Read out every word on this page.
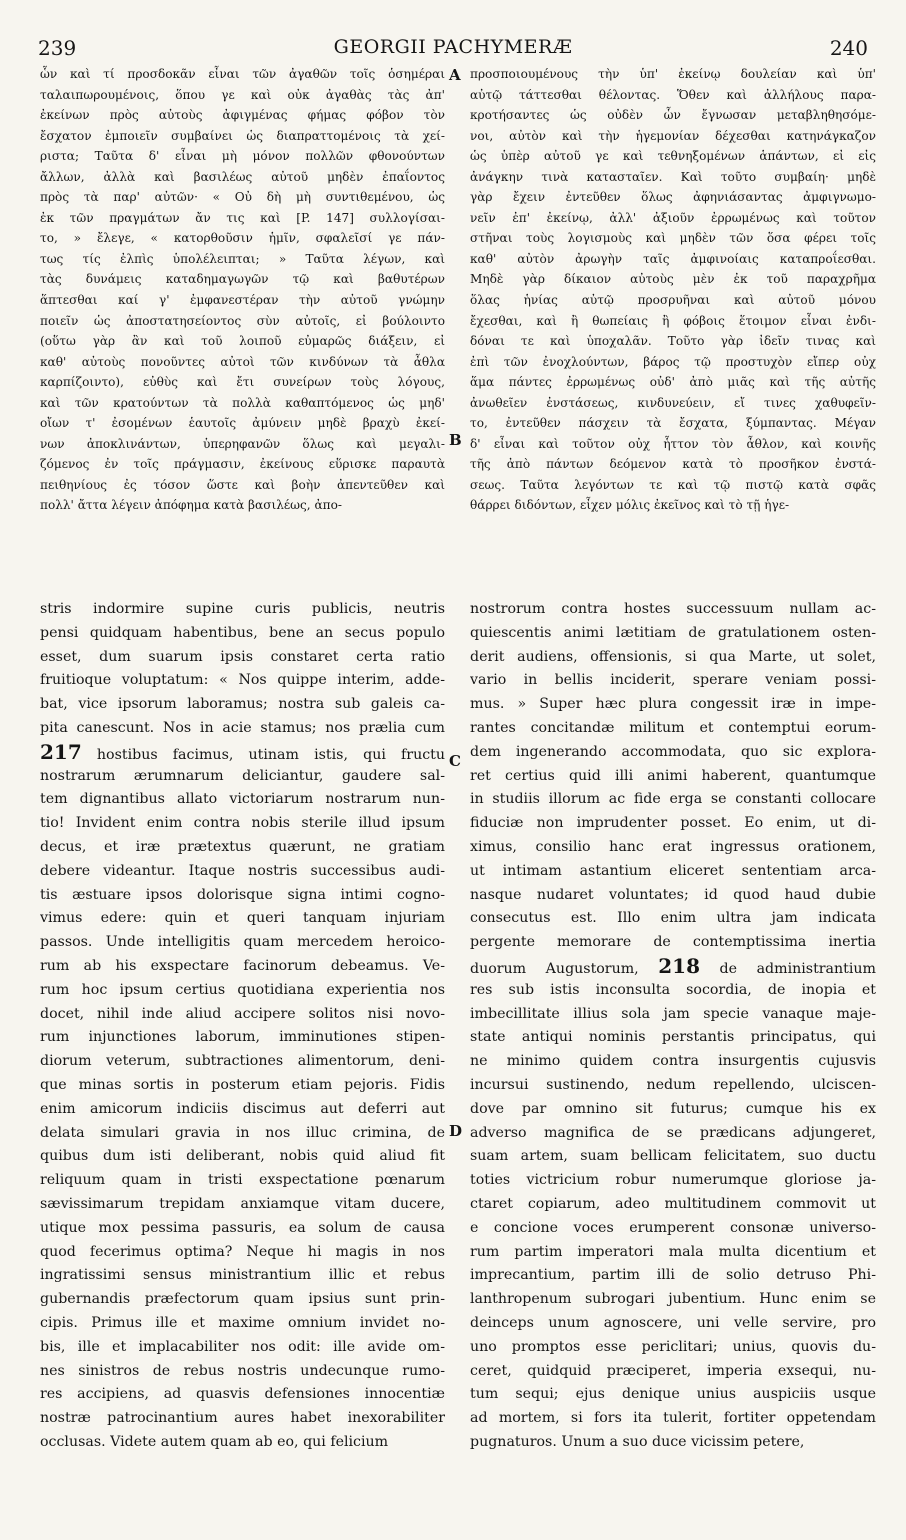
239	GEORGII PACHYMERÆ	240
ὧν καὶ τί προσδοκᾶν εἶναι τῶν ἀγαθῶν τοῖς ὁσημέραι
ταλαιπωρουμένοις, ὅπου γε καὶ οὐκ ἀγαθὰς τὰς ἀπ'
ἐκείνων πρὸς αὐτοὺς ἀφιγμένας φήμας φόβον τὸν
ἔσχατον ἐμποιεῖν συμβαίνει ὡς διαπραττομένοις τὰ χεί-
ριστα; Ταῦτα δ' εἶναι μὴ μόνον πολλῶν φθονούντων
ἄλλων, ἀλλὰ καὶ βασιλέως αὐτοῦ μηδὲν ἐπαΐοντος
πρὸς τὰ παρ' αὐτῶν· « Οὐ δὴ μὴ συντιθεμένου, ὡς
ἐκ τῶν πραγμάτων ἄν τις καὶ [P. 147] συλλογίσαι-
το, » ἔλεγε, « κατορθοῦσιν ἡμῖν, σφαλεῖσί γε πάν-
τως τίς ἐλπὶς ὑπολέλειπται; » Ταῦτα λέγων, καὶ
τὰς δυνάμεις καταδημαγωγῶν τῷ καὶ βαθυτέρων
ἅπτεσθαι καί γ' ἐμφανεστέραν τὴν αὐτοῦ γνώμην
ποιεῖν ὡς ἀποστατησείοντος σὺν αὐτοῖς, εἰ βούλοιντο
(οὕτω γὰρ ἂν καὶ τοῦ λοιποῦ εὐμαρῶς διάξειν, εἰ
καθ' αὐτοὺς πονοῦντες αὐτοὶ τῶν κινδύνων τὰ ἆθλα
καρπίζοιντο), εὐθὺς καὶ ἔτι συνείρων τοὺς λόγους,
καὶ τῶν κρατούντων τὰ πολλὰ καθαπτόμενος ὡς μηδ'
οἴων τ' ἐσομένων ἑαυτοῖς ἀμύνειν μηδὲ βραχὺ ἐκεί-
νων ἀποκλινάντων, ὑπερηφανῶν ὅλως καὶ μεγαλι-
ζόμενος ἐν τοῖς πράγμασιν, ἐκείνους εὕρισκε παραυτὰ
πειθηνίους ἐς τόσον ὥστε καὶ βοὴν ἀπεντεῦθεν καὶ
πολλ' ἄττα λέγειν ἀπόφημα κατὰ βασιλέως, ἀπο-
προσποιουμένους τὴν ὑπ' ἐκείνῳ δουλείαν καὶ ὑπ'
αὐτῷ τάττεσθαι θέλοντας. Ὅθεν καὶ ἀλλήλους παρα-
κροτήσαντες ὡς οὐδὲν ὧν ἔγνωσαν μεταβληθησόμε-
νοι, αὐτὸν καὶ τὴν ἡγεμονίαν δέχεσθαι κατηνάγκαζον
ὡς ὑπὲρ αὐτοῦ γε καὶ τεθνηξομένων ἁπάντων, εἰ εἰς
ἀνάγκην τινὰ κατασταῖεν. Καὶ τοῦτο συμβαίη· μηδὲ
γὰρ ἔχειν ἐντεῦθεν ὅλως ἀφηνιάσαντας ἀμφιγνωμο-
νεῖν ἐπ' ἐκείνῳ, ἀλλ' ἀξιοῦν ἐρρωμένως καὶ τοῦτον
στῆναι τοὺς λογισμοὺς καὶ μηδὲν τῶν ὅσα φέρει τοῖς
καθ' αὐτὸν ἀρωγὴν ταῖς ἀμφινοίαις καταπροΐεσθαι.
Μηδὲ γὰρ δίκαιον αὐτοὺς μὲν ἐκ τοῦ παραχρῆμα
ὅλας ἡνίας αὐτῷ προσρυῆναι καὶ αὐτοῦ μόνου
ἔχεσθαι, καὶ ἢ θωπείαις ἢ φόβοις ἕτοιμον εἶναι ἐνδι-
δόναι τε καὶ ὑποχαλᾶν. Τοῦτο γὰρ ἰδεῖν τινας καὶ
ἐπὶ τῶν ἐνοχλούντων, βάρος τῷ προστυχὸν εἴπερ οὐχ
ἅμα πάντες ἐρρωμένως οὐδ' ἀπὸ μιᾶς καὶ τῆς αὐτῆς
ἀνωθεῖεν ἐνστάσεως, κινδυνεύειν, εἴ τινες χαθυφεῖν-
το, ἐντεῦθεν πάσχειν τὰ ἔσχατα, ξύμπαντας. Μέγαν
δ' εἶναι καὶ τοῦτον οὐχ ἧττον τὸν ἆθλον, καὶ κοινῆς
τῆς ἀπὸ πάντων δεόμενον κατὰ τὸ προσῆκον ἐνστά-
σεως. Ταῦτα λεγόντων τε καὶ τῷ πιστῷ κατὰ σφᾶς
θάρρει διδόντων, εἶχεν μόλις ἐκεῖνος καὶ τὸ τῇ ἡγε-
stris indormire supine curis publicis, neutris
pensi quidquam habentibus, bene an secus populo
esset, dum suarum ipsis constaret certa ratio
fruitioque voluptatum: « Nos quippe interim, adde-
bat, vice ipsorum laboramus; nostra sub galeis ca-
pita canescunt. Nos in acie stamus; nos prælia cum
217 hostibus facimus, utinam istis, qui fructu
nostrarum ærumnarum deliciantur, gaudere sal-
tem dignantibus allato victoriarum nostrarum nun-
tio! Invident enim contra nobis sterile illud ipsum
decus, et iræ prætextus quærunt, ne gratiam
debere videantur. Itaque nostris successibus audi-
tis æstuare ipsos dolorisque signa intimi cogno-
vimus edere: quin et queri tanquam injuriam
passos. Unde intelligitis quam mercedem heroico-
rum ab his exspectare facinorum debeamus. Ve-
rum hoc ipsum certius quotidiana experientia nos
docet, nihil inde aliud accipere solitos nisi novo-
rum injunctiones laborum, imminutiones stipen-
diorum veterum, subtractiones alimentorum, deni-
que minas sortis in posterum etiam pejoris. Fidis
enim amicorum indiciis discimus aut deferri aut
delata simulari gravia in nos illuc crimina, de
quibus dum isti deliberant, nobis quid aliud fit
reliquum quam in tristi exspectatione pœnarum
sævissimarum trepidam anxiamque vitam ducere,
utique mox pessima passuris, ea solum de causa
quod fecerimus optima? Neque hi magis in nos
ingratissimi sensus ministrantium illic et rebus
gubernandis præfectorum quam ipsius sunt prin-
cipis. Primus ille et maxime omnium invidet no-
bis, ille et implacabiliter nos odit: ille avide om-
nes sinistros de rebus nostris undecunque rumo-
res accipiens, ad quasvis defensiones innocentiæ
nostræ patrocinantium aures habet inexorabiliter
occlusas. Videte autem quam ab eo, qui felicium
nostrorum contra hostes successuum nullam ac-
quiescentis animi lætitiam de gratulationem osten-
derit audiens, offensionis, si qua Marte, ut solet,
vario in bellis inciderit, sperare veniam possi-
mus. » Super hæc plura congessit iræ in impe-
rantes concitandæ militum et contemptui eorum-
dem ingenerando accommodata, quo sic explora-
ret certius quid illi animi haberent, quantumque
in studiis illorum ac fide erga se constanti collocare
fiduciæ non imprudenter posset. Eo enim, ut di-
ximus, consilio hanc erat ingressus orationem,
ut intimam astantium eliceret sententiam arca-
nasque nudaret voluntates; id quod haud dubie
consecutus est. Illo enim ultra jam indicata
pergente memorare de contemptissima inertia
duorum Augustorum, 218 de administrantium
res sub istis inconsulta socordia, de inopia et
imbecillitate illius sola jam specie vanaque maje-
state antiqui nominis perstantis principatus, qui
ne minimo quidem contra insurgentis cujusvis
incursui sustinendo, nedum repellendo, ulciscen-
dove par omnino sit futurus; cumque his ex
adverso magnifica de se prædicans adjungeret,
suam artem, suam bellicam felicitatem, suo ductu
toties victricium robur numerumque gloriose ja-
ctaret copiarum, adeo multitudinem commovit ut
e concione voces erumperent consonæ universo-
rum partim imperatori mala multa dicentium et
imprecantium, partim illi de solio detruso Phi-
lanthropenum subrogari jubentium. Hunc enim se
deinceps unum agnoscere, uni velle servire, pro
uno promptos esse periclitari; unius, quovis du-
ceret, quidquid præciperet, imperia exsequi, nu-
tum sequi; ejus denique unius auspiciis usque
ad mortem, si fors ita tulerit, fortiter oppetendam
pugnaturos. Unum a suo duce vicissim petere,
A
B
C
D
